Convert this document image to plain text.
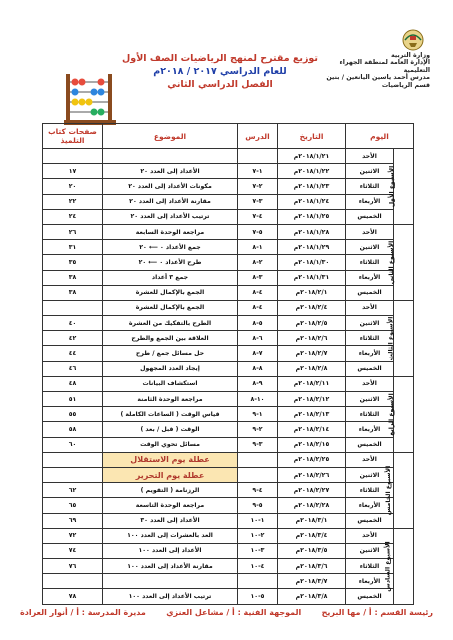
وزارة التربية
الإدارة العامة لمنطقة الجهراء التعليمية
مدرس أحمد ياسين اليانعين / بنين
قسم الرياضيات
توزيع مقترح لمنهج الرياضيات الصف الأول
للعام الدراسي ٢٠١٧ / ٢٠١٨م
الفصل الدراسي الثاني
اليوم		التاريخ	الدرس	الموضوع	صفحات كتاب التلميذ
الأسبوع الأول	الأحد	٢٠١٨/١/٢١م			
	الاثنين	٢٠١٨/١/٢٢م	١-٧	الأعداد إلى العدد ٢٠	١٧
	الثلاثاء	٢٠١٨/١/٢٣م	٢-٧	مكونات الأعداد إلى العدد ٢٠	٢٠
	الأربعاء	٢٠١٨/١/٢٤م	٣-٧	مقارنة الأعداد إلى العدد ٢٠	٢٢
	الخميس	٢٠١٨/١/٢٥م	٤-٧	ترتيب الأعداد إلى العدد ٢٠	٢٤
الأسبوع الثاني	الأحد	٢٠١٨/١/٢٨م	٥-٧	مراجعة الوحدة السابعة	٢٦
	الاثنين	٢٠١٨/١/٢٩م	١-٨	جمع الأعداد ٠ ⟵ ٢٠	٣١
	الثلاثاء	٢٠١٨/١/٣٠م	٢-٨	طرح الأعداد ٠ ⟵ ٢٠	٣٥
	الأربعاء	٢٠١٨/١/٣١م	٣-٨	جمع ٣ أعداد	٣٨
	الخميس	٢٠١٨/٢/١م	٤-٨	الجمع بالإكمال للعشرة	٣٨
الأسبوع الثالث	الأحد	٢٠١٨/٢/٤م	٤-٨	الجمع بالإكمال للعشرة	
	الاثنين	٢٠١٨/٢/٥م	٥-٨	الطرح بالتفكيك من العشرة	٤٠
	الثلاثاء	٢٠١٨/٢/٦م	٦-٨	العلاقة بين الجمع والطرح	٤٢
	الأربعاء	٢٠١٨/٢/٧م	٧-٨	حل مسائل جمع / طرح	٤٤
	الخميس	٢٠١٨/٢/٨م	٨-٨	إيجاد العدد المجهول	٤٦
الأسبوع الرابع	الأحد	٢٠١٨/٢/١١م	٩-٨	استكشاف البيانات	٤٨
	الاثنين	٢٠١٨/٢/١٢م	١٠-٨	مراجعة الوحدة الثامنة	٥١
	الثلاثاء	٢٠١٨/٢/١٣م	١-٩	قياس الوقت ( الساعات الكاملة )	٥٥
	الأربعاء	٢٠١٨/٢/١٤م	٢-٩	الوقت ( قبل / بعد )	٥٨
	الخميس	٢٠١٨/٢/١٥م	٣-٩	مسائل تحوي الوقت	٦٠
الأسبوع الخامس	الأحد	٢٠١٨/٢/٢٥م		عطلة يوم الاستقلال	
	الاثنين	٢٠١٨/٢/٢٦م		عطلة يوم التحرير	
	الثلاثاء	٢٠١٨/٢/٢٧م	٤-٩	الرزنامة ( التقويم )	٦٢
	الأربعاء	٢٠١٨/٢/٢٨م	٥-٩	مراجعة الوحدة التاسعة	٦٥
	الخميس	٢٠١٨/٣/١م	١-١٠	الأعداد إلى العدد ٣٠	٦٩
الأسبوع السادس	الأحد	٢٠١٨/٣/٤م	٢-١٠	العد بالعشرات إلى العدد ١٠٠	٧٢
	الاثنين	٢٠١٨/٣/٥م	٣-١٠	الأعداد إلى العدد ١٠٠	٧٤
	الثلاثاء	٢٠١٨/٣/٦م	٤-١٠	مقارنة الأعداد إلى العدد ١٠٠	٧٦
	الأربعاء	٢٠١٨/٣/٧م			
	الخميس	٢٠١٨/٣/٨م	٥-١٠	ترتيب الأعداد إلى العدد ١٠٠	٧٨
رئيسة القسم : أ / مها البريح
الموجهة الفنية : أ / مشاعل العنزي
مديرة المدرسة : أ / أنوار العرادة
